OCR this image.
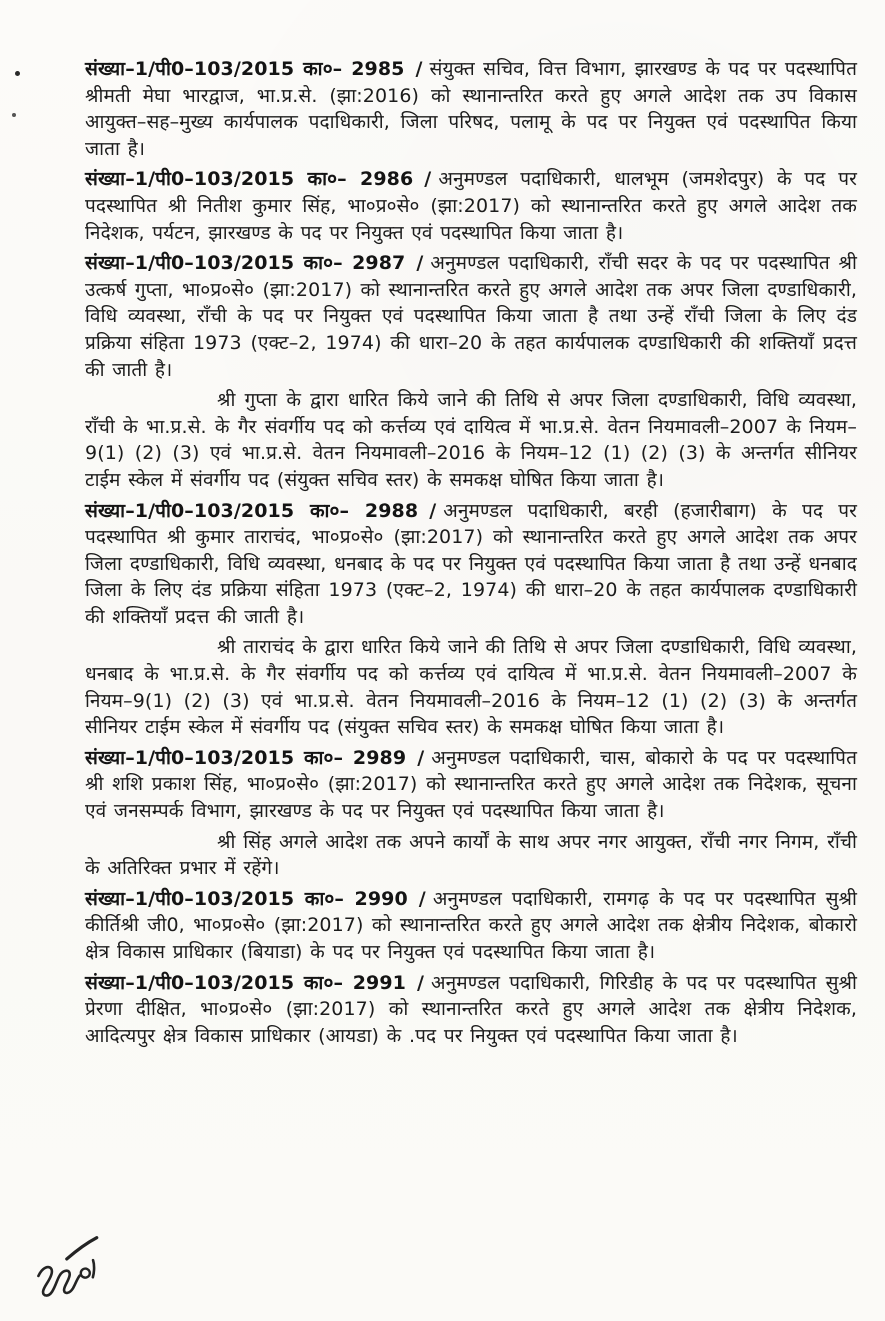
संख्या–1/पी0–103/2015 का०– 2985 / संयुक्त सचिव, वित्त विभाग, झारखण्ड के पद पर पदस्थापित श्रीमती मेघा भारद्वाज, भा.प्र.से. (झा:2016) को स्थानान्तरित करते हुए अगले आदेश तक उप विकास आयुक्त–सह–मुख्य कार्यपालक पदाधिकारी, जिला परिषद, पलामू के पद पर नियुक्त एवं पदस्थापित किया जाता है।

संख्या–1/पी0–103/2015 का०– 2986 / अनुमण्डल पदाधिकारी, धालभूम (जमशेदपुर) के पद पर पदस्थापित श्री नितीश कुमार सिंह, भा०प्र०से० (झा:2017) को स्थानान्तरित करते हुए अगले आदेश तक निदेशक, पर्यटन, झारखण्ड के पद पर नियुक्त एवं पदस्थापित किया जाता है।

संख्या–1/पी0–103/2015 का०– 2987 / अनुमण्डल पदाधिकारी, राँची सदर के पद पर पदस्थापित श्री उत्कर्ष गुप्ता, भा०प्र०से० (झा:2017) को स्थानान्तरित करते हुए अगले आदेश तक अपर जिला दण्डाधिकारी, विधि व्यवस्था, राँची के पद पर नियुक्त एवं पदस्थापित किया जाता है तथा उन्हें राँची जिला के लिए दंड प्रक्रिया संहिता 1973 (एक्ट–2, 1974) की धारा–20 के तहत कार्यपालक दण्डाधिकारी की शक्तियाँ प्रदत्त की जाती है।

श्री गुप्ता के द्वारा धारित किये जाने की तिथि से अपर जिला दण्डाधिकारी, विधि व्यवस्था, राँची के भा.प्र.से. के गैर संवर्गीय पद को कर्त्तव्य एवं दायित्व में भा.प्र.से. वेतन नियमावली–2007 के नियम–9(1) (2) (3) एवं भा.प्र.से. वेतन नियमावली–2016 के नियम–12 (1) (2) (3) के अन्तर्गत सीनियर टाईम स्केल में संवर्गीय पद (संयुक्त सचिव स्तर) के समकक्ष घोषित किया जाता है।

संख्या–1/पी0–103/2015 का०– 2988 / अनुमण्डल पदाधिकारी, बरही (हजारीबाग) के पद पर पदस्थापित श्री कुमार ताराचंद, भा०प्र०से० (झा:2017) को स्थानान्तरित करते हुए अगले आदेश तक अपर जिला दण्डाधिकारी, विधि व्यवस्था, धनबाद के पद पर नियुक्त एवं पदस्थापित किया जाता है तथा उन्हें धनबाद जिला के लिए दंड प्रक्रिया संहिता 1973 (एक्ट–2, 1974) की धारा–20 के तहत कार्यपालक दण्डाधिकारी की शक्तियाँ प्रदत्त की जाती है।

श्री ताराचंद के द्वारा धारित किये जाने की तिथि से अपर जिला दण्डाधिकारी, विधि व्यवस्था, धनबाद के भा.प्र.से. के गैर संवर्गीय पद को कर्त्तव्य एवं दायित्व में भा.प्र.से. वेतन नियमावली–2007 के नियम–9(1) (2) (3) एवं भा.प्र.से. वेतन नियमावली–2016 के नियम–12 (1) (2) (3) के अन्तर्गत सीनियर टाईम स्केल में संवर्गीय पद (संयुक्त सचिव स्तर) के समकक्ष घोषित किया जाता है।

संख्या–1/पी0–103/2015 का०– 2989 / अनुमण्डल पदाधिकारी, चास, बोकारो के पद पर पदस्थापित श्री शशि प्रकाश सिंह, भा०प्र०से० (झा:2017) को स्थानान्तरित करते हुए अगले आदेश तक निदेशक, सूचना एवं जनसम्पर्क विभाग, झारखण्ड के पद पर नियुक्त एवं पदस्थापित किया जाता है।

श्री सिंह अगले आदेश तक अपने कार्यों के साथ अपर नगर आयुक्त, राँची नगर निगम, राँची के अतिरिक्त प्रभार में रहेंगे।

संख्या–1/पी0–103/2015 का०– 2990 / अनुमण्डल पदाधिकारी, रामगढ़ के पद पर पदस्थापित सुश्री कीर्तिश्री जी0, भा०प्र०से० (झा:2017) को स्थानान्तरित करते हुए अगले आदेश तक क्षेत्रीय निदेशक, बोकारो क्षेत्र विकास प्राधिकार (बियाडा) के पद पर नियुक्त एवं पदस्थापित किया जाता है।

संख्या–1/पी0–103/2015 का०– 2991 / अनुमण्डल पदाधिकारी, गिरिडीह के पद पर पदस्थापित सुश्री प्रेरणा दीक्षित, भा०प्र०से० (झा:2017) को स्थानान्तरित करते हुए अगले आदेश तक क्षेत्रीय निदेशक, आदित्यपुर क्षेत्र विकास प्राधिकार (आयडा) के .पद पर नियुक्त एवं पदस्थापित किया जाता है।
